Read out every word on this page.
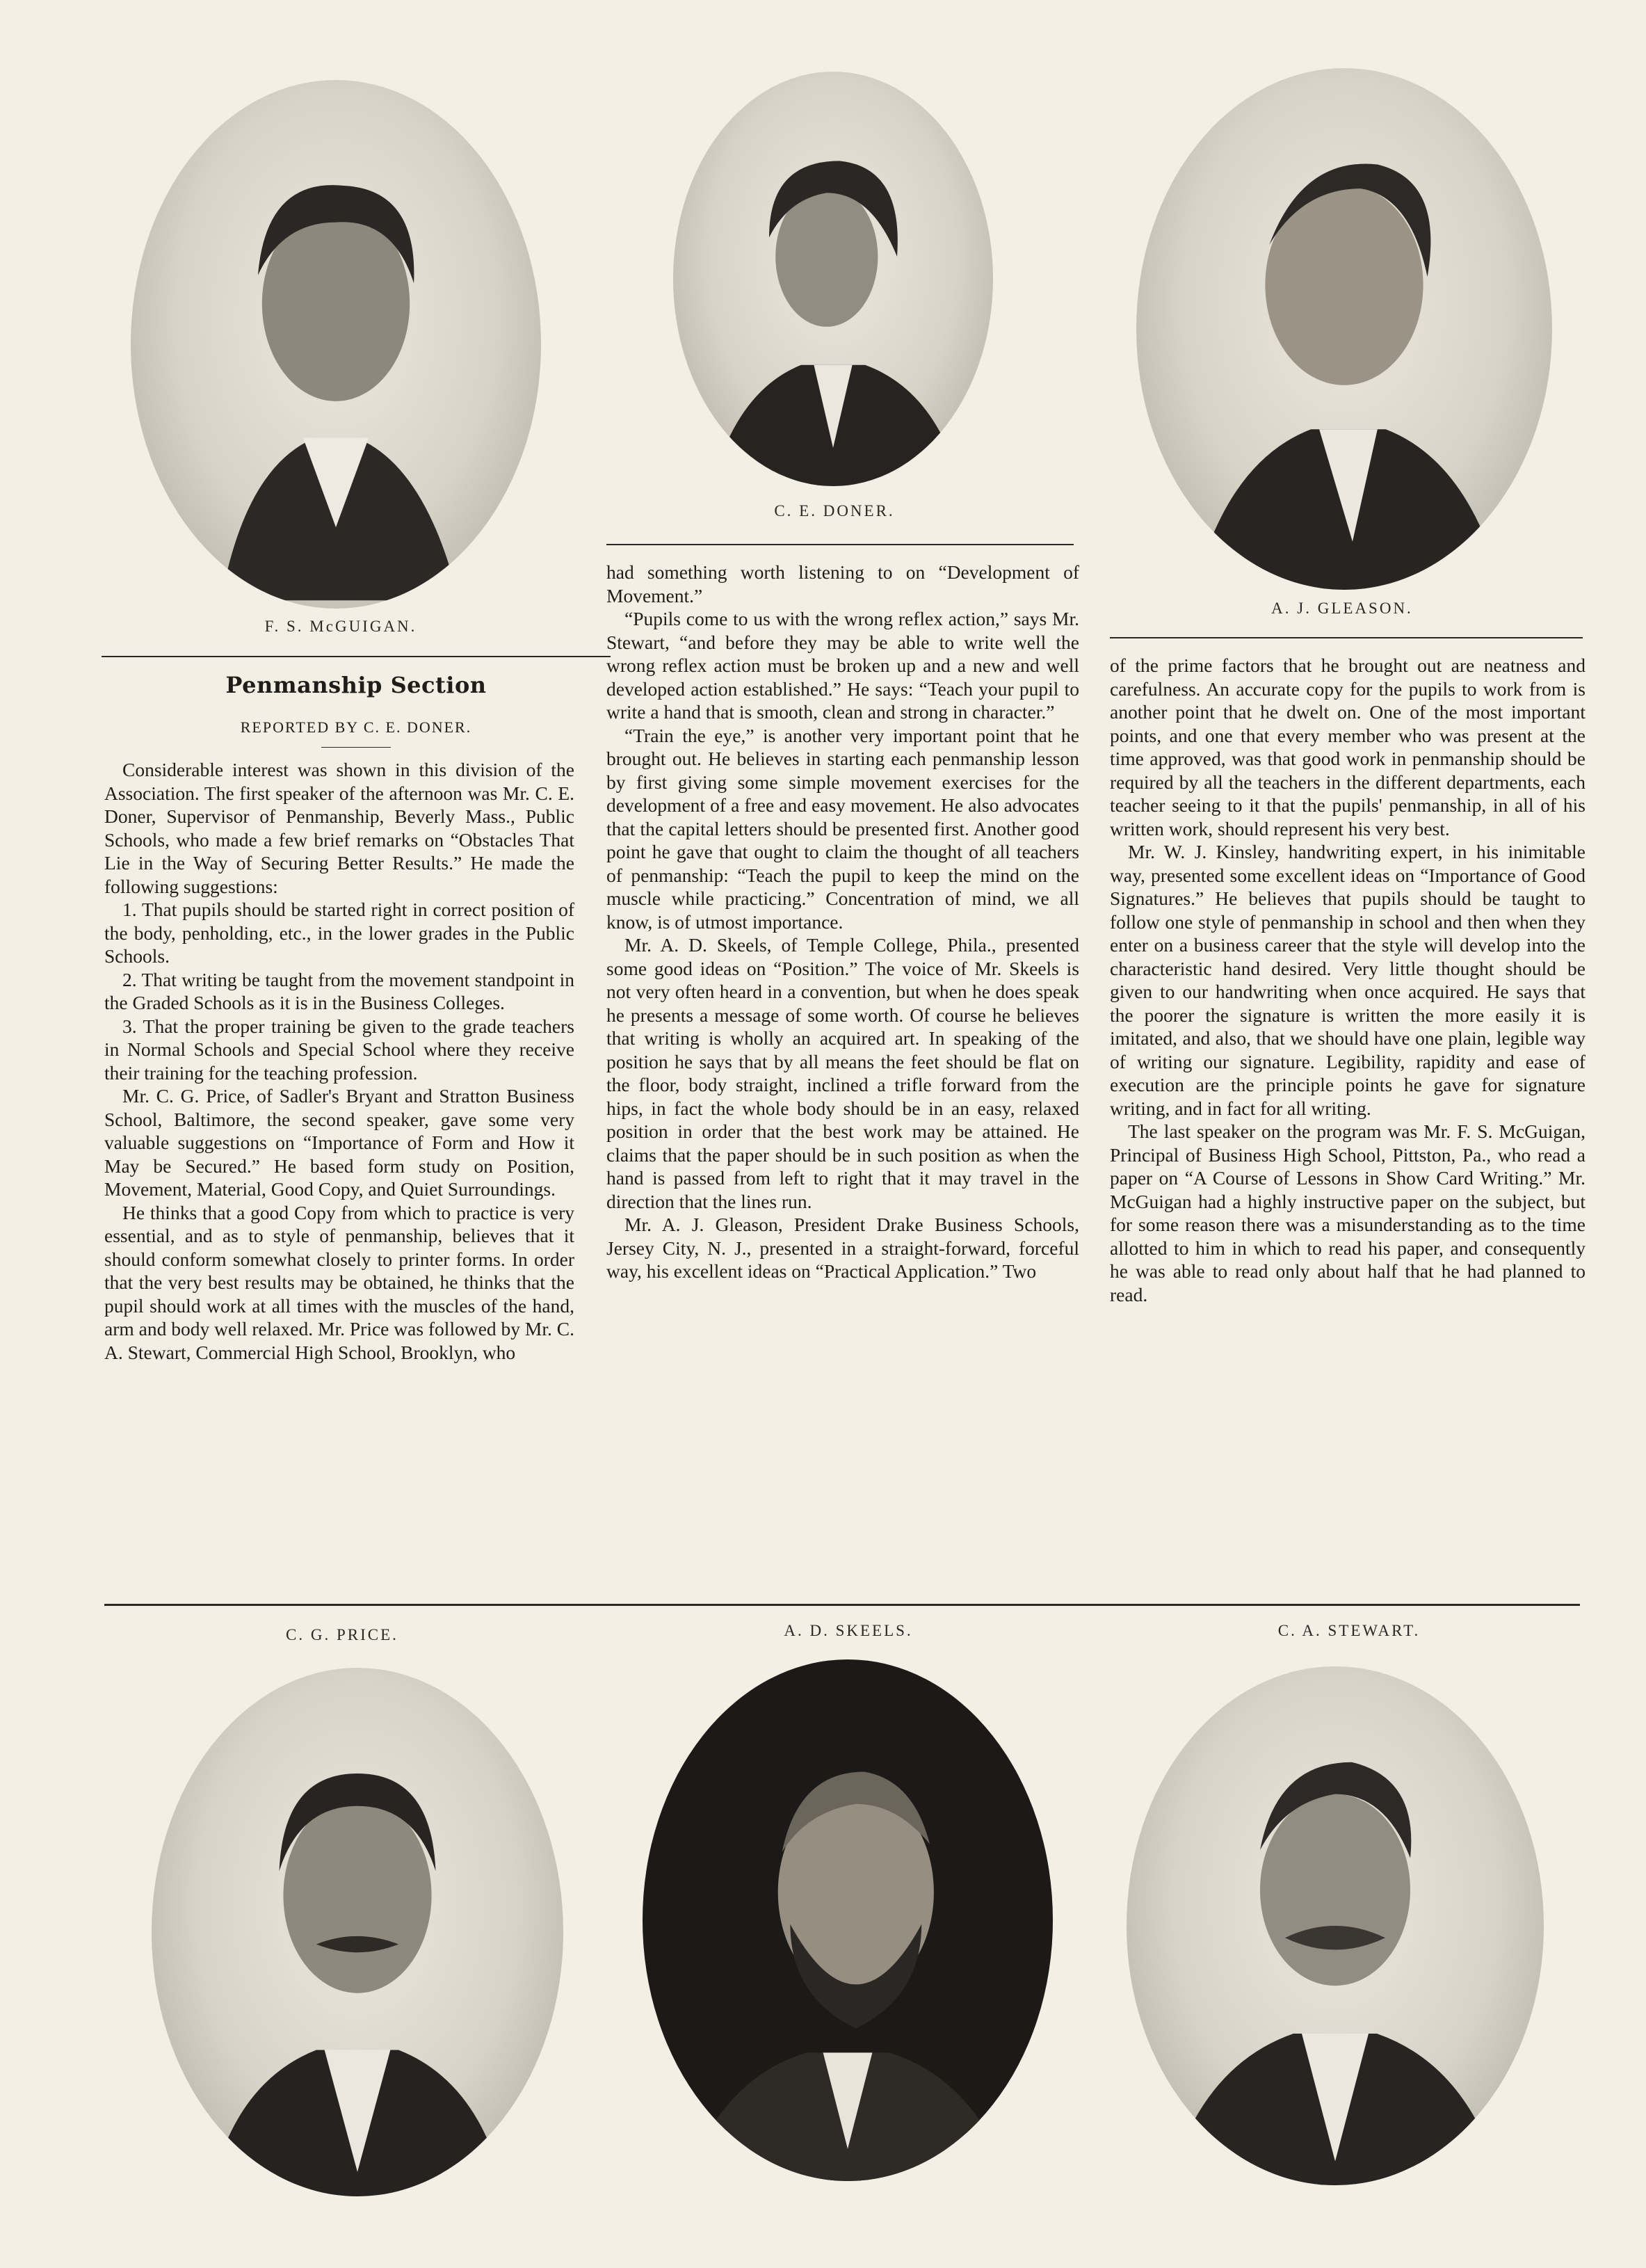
F. S. McGUIGAN.
C. E. DONER.
A. J. GLEASON.
Penmanship Section
REPORTED BY C. E. DONER.

Considerable interest was shown in this division of the Association. The first speaker of the afternoon was Mr. C. E. Doner, Supervisor of Penmanship, Beverly Mass., Public Schools, who made a few brief remarks on “Obstacles That Lie in the Way of Securing Better Results.” He made the following suggestions:

1. That pupils should be started right in correct position of the body, penholding, etc., in the lower grades in the Public Schools.

2. That writing be taught from the movement standpoint in the Graded Schools as it is in the Business Colleges.

3. That the proper training be given to the grade teachers in Normal Schools and Special School where they receive their training for the teaching profession.

Mr. C. G. Price, of Sadler's Bryant and Stratton Business School, Baltimore, the second speaker, gave some very valuable suggestions on “Importance of Form and How it May be Secured.” He based form study on Position, Movement, Material, Good Copy, and Quiet Surroundings.

He thinks that a good Copy from which to practice is very essential, and as to style of penmanship, believes that it should conform somewhat closely to printer forms. In order that the very best results may be obtained, he thinks that the pupil should work at all times with the muscles of the hand, arm and body well relaxed. Mr. Price was followed by Mr. C. A. Stewart, Commercial High School, Brooklyn, who

had something worth listening to on “Development of Movement.”

“Pupils come to us with the wrong reflex action,” says Mr. Stewart, “and before they may be able to write well the wrong reflex action must be broken up and a new and well developed action established.” He says: “Teach your pupil to write a hand that is smooth, clean and strong in character.”

“Train the eye,” is another very important point that he brought out. He believes in starting each penmanship lesson by first giving some simple movement exercises for the development of a free and easy movement. He also advocates that the capital letters should be presented first. Another good point he gave that ought to claim the thought of all teachers of penmanship: “Teach the pupil to keep the mind on the muscle while practicing.” Concentration of mind, we all know, is of utmost importance.

Mr. A. D. Skeels, of Temple College, Phila., presented some good ideas on “Position.” The voice of Mr. Skeels is not very often heard in a convention, but when he does speak he presents a message of some worth. Of course he believes that writing is wholly an acquired art. In speaking of the position he says that by all means the feet should be flat on the floor, body straight, inclined a trifle forward from the hips, in fact the whole body should be in an easy, relaxed position in order that the best work may be attained. He claims that the paper should be in such position as when the hand is passed from left to right that it may travel in the direction that the lines run.

Mr. A. J. Gleason, President Drake Business Schools, Jersey City, N. J., presented in a straight-forward, forceful way, his excellent ideas on “Practical Application.” Two

of the prime factors that he brought out are neatness and carefulness. An accurate copy for the pupils to work from is another point that he dwelt on. One of the most important points, and one that every member who was present at the time approved, was that good work in penmanship should be required by all the teachers in the different departments, each teacher seeing to it that the pupils' penmanship, in all of his written work, should represent his very best.

Mr. W. J. Kinsley, handwriting expert, in his inimitable way, presented some excellent ideas on “Importance of Good Signatures.” He believes that pupils should be taught to follow one style of penmanship in school and then when they enter on a business career that the style will develop into the characteristic hand desired. Very little thought should be given to our handwriting when once acquired. He says that the poorer the signature is written the more easily it is imitated, and also, that we should have one plain, legible way of writing our signature. Legibility, rapidity and ease of execution are the principle points he gave for signature writing, and in fact for all writing.

The last speaker on the program was Mr. F. S. McGuigan, Principal of Business High School, Pittston, Pa., who read a paper on “A Course of Lessons in Show Card Writing.” Mr. McGuigan had a highly instructive paper on the subject, but for some reason there was a misunderstanding as to the time allotted to him in which to read his paper, and consequently he was able to read only about half that he had planned to read.

C. G. PRICE.	A. D. SKEELS.	C. A. STEWART.
